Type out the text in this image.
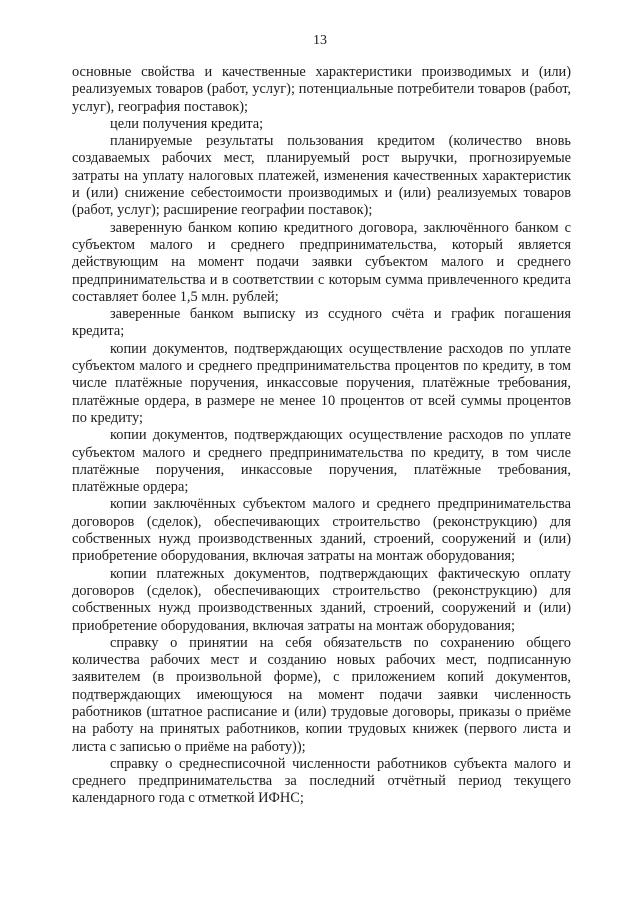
13

основные свойства и качественные характеристики производимых и (или) реализуемых товаров (работ, услуг); потенциальные потребители товаров (работ, услуг), география поставок);

цели получения кредита;

планируемые результаты пользования кредитом (количество вновь создаваемых рабочих мест, планируемый рост выручки, прогнозируемые затраты на уплату налоговых платежей, изменения качественных характеристик и (или) снижение себестоимости производимых и (или) реализуемых товаров (работ, услуг); расширение географии поставок);

заверенную банком копию кредитного договора, заключённого банком с субъектом малого и среднего предпринимательства, который является действующим на момент подачи заявки субъектом малого и среднего предпринимательства и в соответствии с которым сумма привлеченного кредита составляет более 1,5 млн. рублей;

заверенные банком выписку из ссудного счёта и график погашения кредита;

копии документов, подтверждающих осуществление расходов по уплате субъектом малого и среднего предпринимательства процентов по кредиту, в том числе платёжные поручения, инкассовые поручения, платёжные требования, платёжные ордера, в размере не менее 10 процентов от всей суммы процентов по кредиту;

копии документов, подтверждающих осуществление расходов по уплате субъектом малого и среднего предпринимательства по кредиту, в том числе платёжные поручения, инкассовые поручения, платёжные требования, платёжные ордера;

копии заключённых субъектом малого и среднего предпринимательства договоров (сделок), обеспечивающих строительство (реконструкцию) для собственных нужд производственных зданий, строений, сооружений и (или) приобретение оборудования, включая затраты на монтаж оборудования;

копии платежных документов, подтверждающих фактическую оплату договоров (сделок), обеспечивающих строительство (реконструкцию) для собственных нужд производственных зданий, строений, сооружений и (или) приобретение оборудования, включая затраты на монтаж оборудования;

справку о принятии на себя обязательств по сохранению общего количества рабочих мест и созданию новых рабочих мест, подписанную заявителем (в произвольной форме), с приложением копий документов, подтверждающих имеющуюся на момент подачи заявки численность работников (штатное расписание и (или) трудовые договоры, приказы о приёме на работу на принятых работников, копии трудовых книжек (первого листа и листа с записью о приёме на работу));

справку о среднесписочной численности работников субъекта малого и среднего предпринимательства за последний отчётный период текущего календарного года с отметкой ИФНС;
